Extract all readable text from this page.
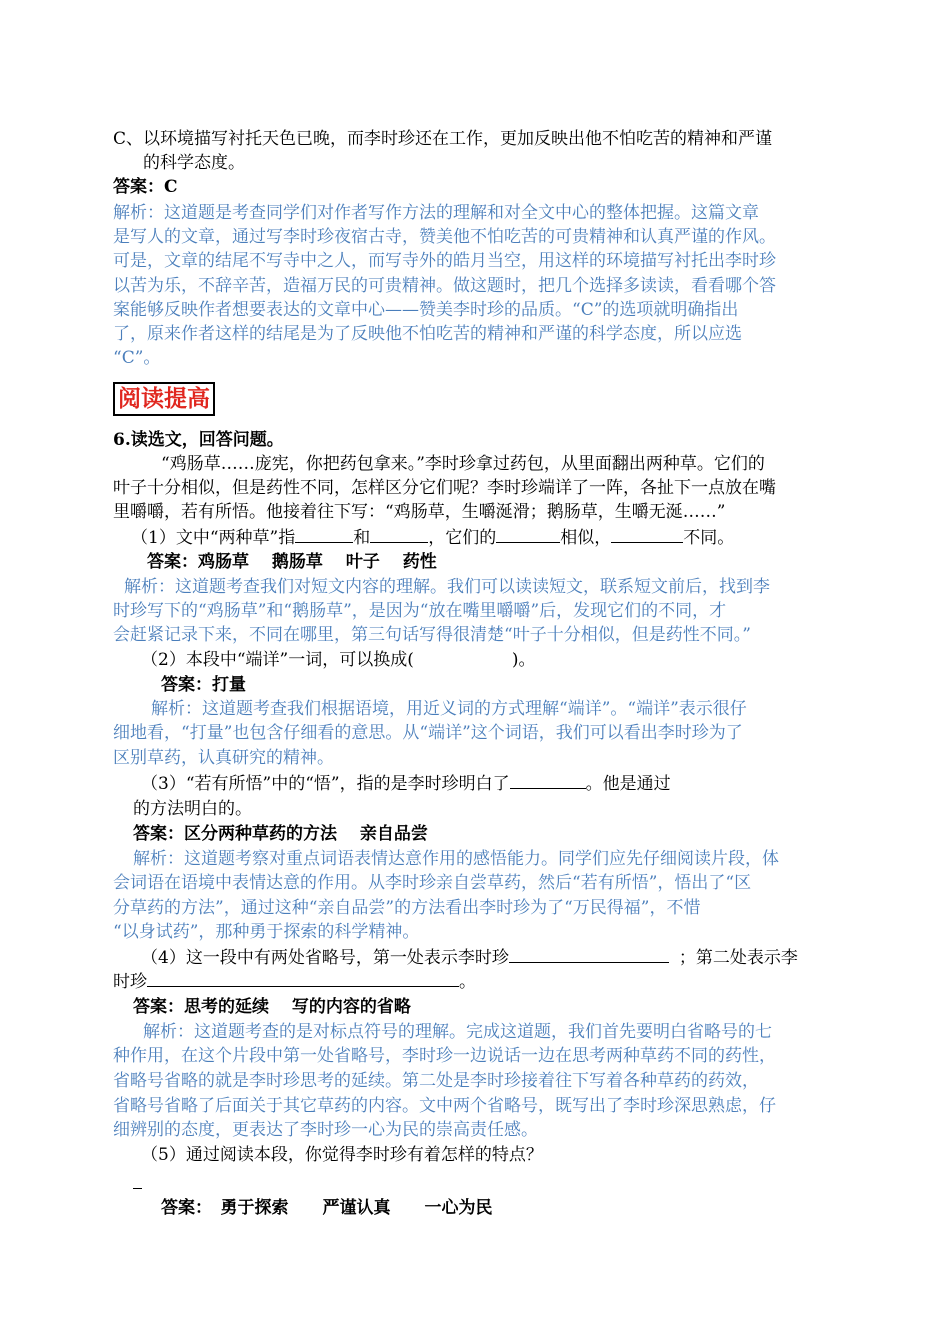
C、以环境描写衬托天色已晚，而李时珍还在工作，更加反映出他不怕吃苦的精神和严谨
的科学态度。
答案：C
解析：这道题是考查同学们对作者写作方法的理解和对全文中心的整体把握。这篇文章
是写人的文章，通过写李时珍夜宿古寺，赞美他不怕吃苦的可贵精神和认真严谨的作风。
可是，文章的结尾不写寺中之人，而写寺外的皓月当空，用这样的环境描写衬托出李时珍
以苦为乐，不辞辛苦，造福万民的可贵精神。做这题时，把几个选择多读读，看看哪个答
案能够反映作者想要表达的文章中心——赞美李时珍的品质。“C”的选项就明确指出
了，原来作者这样的结尾是为了反映他不怕吃苦的精神和严谨的科学态度，所以应选
“C”。
阅读提高
6.读选文，回答问题。
“鸡肠草……庞宪，你把药包拿来。”李时珍拿过药包，从里面翻出两种草。它们的
叶子十分相似，但是药性不同，怎样区分它们呢？李时珍端详了一阵，各扯下一点放在嘴
里嚼嚼，若有所悟。他接着往下写：“鸡肠草，生嚼涎滑；鹅肠草，生嚼无涎……”
（1）文中“两种草”指	和	，它们的	相似，	不同。
答案：鸡肠草　 鹅肠草　 叶子　 药性
解析：这道题考查我们对短文内容的理解。我们可以读读短文，联系短文前后，找到李
时珍写下的“鸡肠草”和“鹅肠草”，是因为“放在嘴里嚼嚼”后，发现它们的不同，才
会赶紧记录下来，不同在哪里，第三句话写得很清楚“叶子十分相似，但是药性不同。”
（2）本段中“端详”一词，可以换成(	)。
答案：打量
解析：这道题考查我们根据语境，用近义词的方式理解“端详”。“端详”表示很仔
细地看，“打量”也包含仔细看的意思。从“端详”这个词语，我们可以看出李时珍为了
区别草药，认真研究的精神。
（3）“若有所悟”中的“悟”，指的是李时珍明白了	。他是通过
的方法明白的。
答案：区分两种草药的方法　 亲自品尝
解析：这道题考察对重点词语表情达意作用的感悟能力。同学们应先仔细阅读片段，体
会词语在语境中表情达意的作用。从李时珍亲自尝草药，然后“若有所悟”，悟出了“区
分草药的方法”，通过这种“亲自品尝”的方法看出李时珍为了“万民得福”，不惜
“以身试药”，那种勇于探索的科学精神。
（4）这一段中有两处省略号，第一处表示李时珍	；第二处表示李
时珍	。
答案：思考的延续　 写的内容的省略
解析：这道题考查的是对标点符号的理解。完成这道题，我们首先要明白省略号的七
种作用，在这个片段中第一处省略号，李时珍一边说话一边在思考两种草药不同的药性，
省略号省略的就是李时珍思考的延续。第二处是李时珍接着往下写着各种草药的药效，
省略号省略了后面关于其它草药的内容。文中两个省略号，既写出了李时珍深思熟虑，仔
细辨别的态度，更表达了李时珍一心为民的崇高责任感。
（5）通过阅读本段，你觉得李时珍有着怎样的特点？
答案：　勇于探索　　严谨认真　　一心为民
